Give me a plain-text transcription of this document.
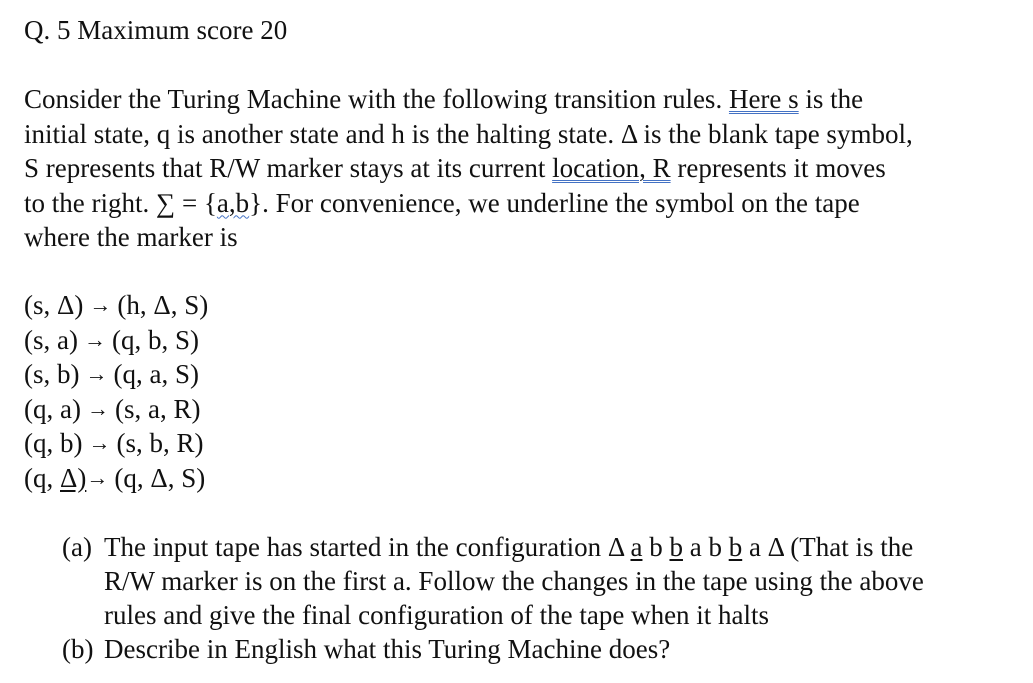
Q. 5 Maximum score 20
Consider the Turing Machine with the following transition rules. Here s is the
initial state, q is another state and h is the halting state. Δ is the blank tape symbol,
S represents that R/W marker stays at its current location, R represents it moves
to the right. ∑ = {a,b}. For convenience, we underline the symbol on the tape
where the marker is
(s, Δ) → (h, Δ, S)
(s, a) → (q, b, S)
(s, b) → (q, a, S)
(q, a) → (s, a, R)
(q, b) → (s, b, R)
(q, Δ)→ (q, Δ, S)
(a) The input tape has started in the configuration Δ a b b a b b a Δ (That is the
R/W marker is on the first a. Follow the changes in the tape using the above
rules and give the final configuration of the tape when it halts
(b) Describe in English what this Turing Machine does?
